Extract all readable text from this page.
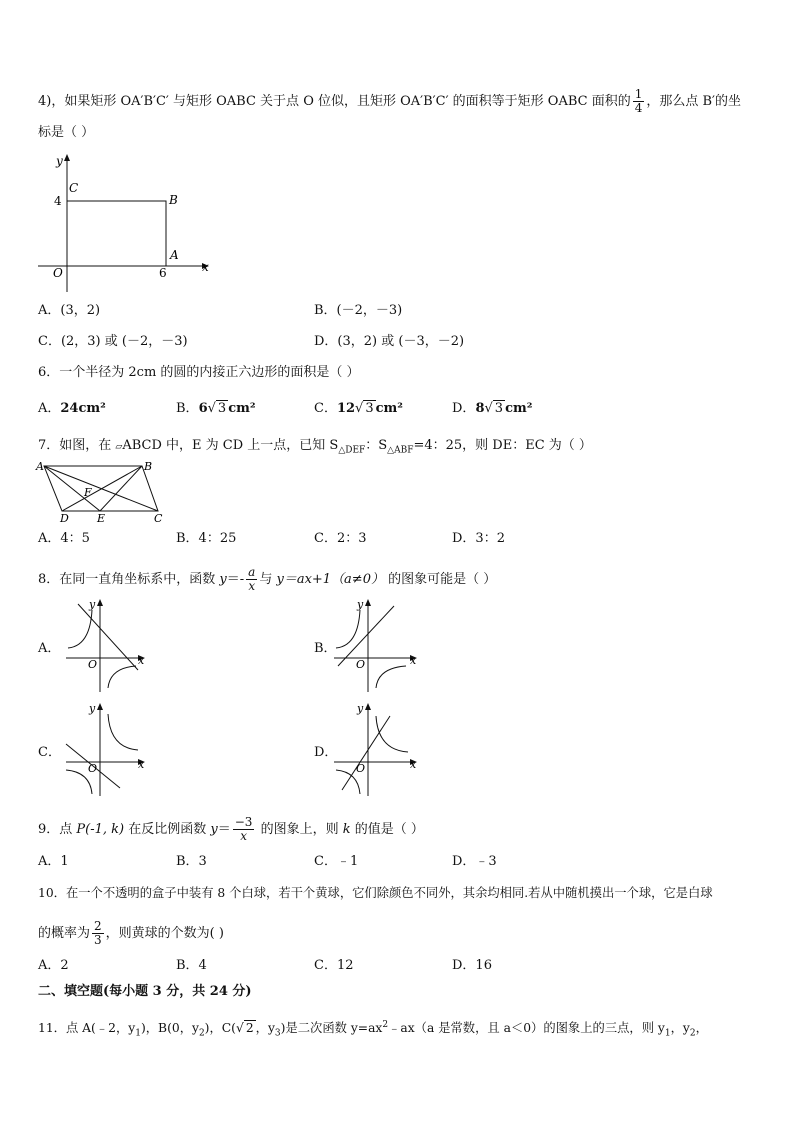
4)，如果矩形 OA′B′C′ 与矩形 OABC 关于点 O 位似，且矩形 OA′B′C′ 的面积等于矩形 OABC 面积的 $\frac{1}{4}$ ，那么点 B′的坐
标是（ ）
y
x
C
B
A
O
4
6
A．(3，2)	B．(－2，－3)
C．(2，3) 或 (－2，－3)	D．(3，2) 或 (－3，－2)
6．一个半径为 2cm 的圆的内接正六边形的面积是（ ）
A．24cm²	B．6√ 3 cm²	C．12√ 3 cm²	D．8√ 3 cm²
7．如图，在 ▱ABCD 中，E 为 CD 上一点，已知 $S_{\triangle DEF}$：$S_{\triangle ABF}=4$：25，则 DE：EC 为（ ）
A	B
F
D	E	C
A．4：5	B．4：25	C．2：3	D．3：2
8．在同一直角坐标系中，函数 $y=- \frac{a}{x}$ 与 y＝ax+1（a≠0） 的图象可能是（ ）
A．	B．
C．	D．
y
x
O
y
x
O
y
x
O
y
x
O
9．点 P(-1, k) 在反比例函数 $y= \frac{-3}{x}$ 的图象上，则 k 的值是（ ）
A．1	B．3	C．﹣1	D．﹣3
10．在一个不透明的盒子中装有 8 个白球，若干个黄球，它们除颜色不同外，其余均相同.若从中随机摸出一个球，它是白球
的概率为 $\frac{2}{3}$ ，则黄球的个数为( )
A．2	B．4	C．12	D．16
二、填空题(每小题 3 分，共 24 分)
11．点 A(﹣2，$y_1$)，B(0，$y_2$)，C(√ 2 ，$y_3$)是二次函数 $y=ax^2﹣ax(a$ 是常数，且 a＜0）的图象上的三点，则 $y_1$，$y_2$，
